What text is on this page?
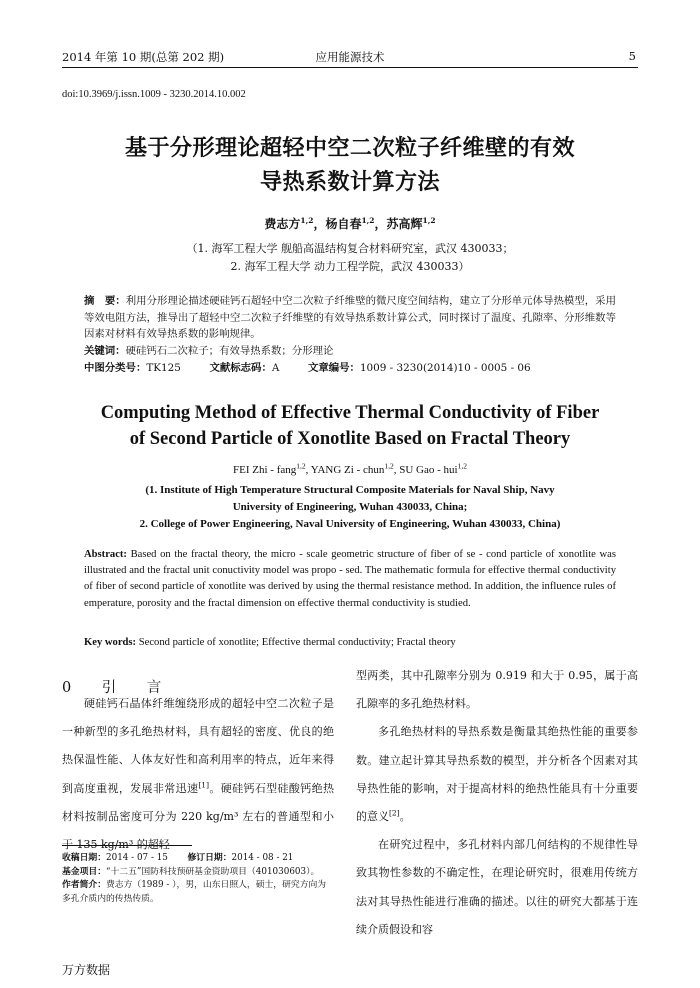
2014 年第 10 期(总第 202 期)	应用能源技术	5
doi:10.3969/j.issn.1009 - 3230.2014.10.002
基于分形理论超轻中空二次粒子纤维壁的有效
导热系数计算方法
费志方$^{1,2}$，杨自春$^{1,2}$，苏高辉$^{1,2}$
（1. 海军工程大学 舰船高温结构复合材料研究室，武汉 430033；
2. 海军工程大学 动力工程学院，武汉 430033）
摘　要：利用分形理论描述硬硅钙石超轻中空二次粒子纤维壁的微尺度空间结构，建立了分形单元体导热模型，采用等效电阻方法，推导出了超轻中空二次粒子纤维壁的有效导热系数计算公式，同时探讨了温度、孔隙率、分形维数等因素对材料有效导热系数的影响规律。
关键词：硬硅钙石二次粒子；有效导热系数；分形理论
中图分类号：TK125	文献标志码：A	文章编号：1009 - 3230(2014)10 - 0005 - 06
Computing Method of Effective Thermal Conductivity of Fiber
of Second Particle of Xonotlite Based on Fractal Theory
FEI Zhi - fang$^{1,2}$, YANG Zi - chun$^{1,2}$, SU Gao - hui$^{1,2}$
(1. Institute of High Temperature Structural Composite Materials for Naval Ship, Navy
University of Engineering, Wuhan 430033, China;
2. College of Power Engineering, Naval University of Engineering, Wuhan 430033, China)
Abstract: Based on the fractal theory, the micro - scale geometric structure of fiber of se - cond particle of xonotlite was illustrated and the fractal unit conuctivity model was propo - sed. The mathematic formula for effective thermal conductivity of fiber of second particle of xonotlite was derived by using the thermal resistance method. In addition, the influence rules of emperature, porosity and the fractal dimension on effective thermal conductivity is studied.
Key words: Second particle of xonotlite; Effective thermal conductivity; Fractal theory
0　引　言
硬硅钙石晶体纤维缠绕形成的超轻中空二次粒子是一种新型的多孔绝热材料，具有超轻的密度、优良的绝热保温性能、人体友好性和高利用率的特点，近年来得到高度重视，发展非常迅速[1]。硬硅钙石型硅酸钙绝热材料按制品密度可分为 220 kg/m³ 左右的普通型和小于 135 kg/m³ 的超轻
收稿日期：2014 - 07 - 15 修订日期：2014 - 08 - 21
基金项目：“十二五”国防科技预研基金资助项目（401030603）。
作者简介：费志方（1989 - ），男，山东日照人，硕士，研究方向为多孔介质内的传热传质。
型两类，其中孔隙率分别为 0.919 和大于 0.95，属于高孔隙率的多孔绝热材料。
多孔绝热材料的导热系数是衡量其绝热性能的重要参数。建立起计算其导热系数的模型，并分析各个因素对其导热性能的影响，对于提高材料的绝热性能具有十分重要的意义[2]。
在研究过程中，多孔材料内部几何结构的不规律性导致其物性参数的不确定性，在理论研究时，很难用传统方法对其导热性能进行准确的描述。以往的研究大都基于连续介质假设和容
万方数据
